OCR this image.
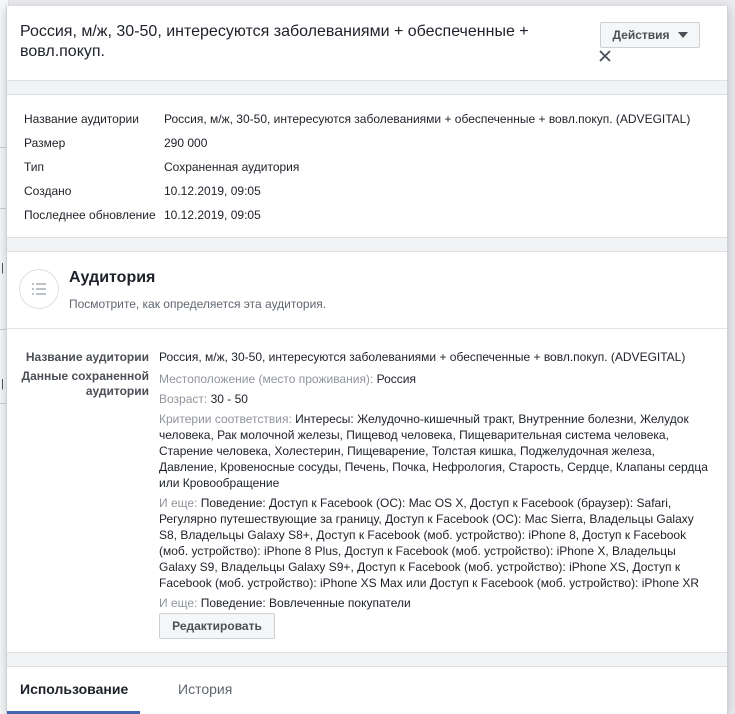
|
|
Россия, м/ж, 30-50, интересуются заболеваниями + обеспеченные + вовл.покуп.
Действия
Название аудитории	Россия, м/ж, 30-50, интересуются заболеваниями + обеспеченные + вовл.покуп. (ADVEGITAL)
Размер	290 000
Тип	Сохраненная аудитория
Создано	10.12.2019, 09:05
Последнее обновление 10.12.2019, 09:05
Аудитория
Посмотрите, как определяется эта аудитория.
Название аудитории Россия, м/ж, 30-50, интересуются заболеваниями + обеспеченные + вовл.покуп. (ADVEGITAL)
Данные сохраненной аудитории
Местоположение (место проживания): Россия
Возраст: 30 - 50
Критерии соответствия: Интересы: Желудочно-кишечный тракт, Внутренние болезни, Желудок человека, Рак молочной железы, Пищевод человека, Пищеварительная система человека, Старение человека, Холестерин, Пищеварение, Толстая кишка, Поджелудочная железа, Давление, Кровеносные сосуды, Печень, Почка, Нефрология, Старость, Сердце, Клапаны сердца или Кровообращение
И еще: Поведение: Доступ к Facebook (ОС): Mac OS X, Доступ к Facebook (браузер): Safari, Регулярно путешествующие за границу, Доступ к Facebook (ОС): Mac Sierra, Владельцы Galaxy S8, Владельцы Galaxy S8+, Доступ к Facebook (моб. устройство): iPhone 8, Доступ к Facebook (моб. устройство): iPhone 8 Plus, Доступ к Facebook (моб. устройство): iPhone X, Владельцы Galaxy S9, Владельцы Galaxy S9+, Доступ к Facebook (моб. устройство): iPhone XS, Доступ к Facebook (моб. устройство): iPhone XS Max или Доступ к Facebook (моб. устройство): iPhone XR
И еще: Поведение: Вовлеченные покупатели
Редактировать
Использование	История
